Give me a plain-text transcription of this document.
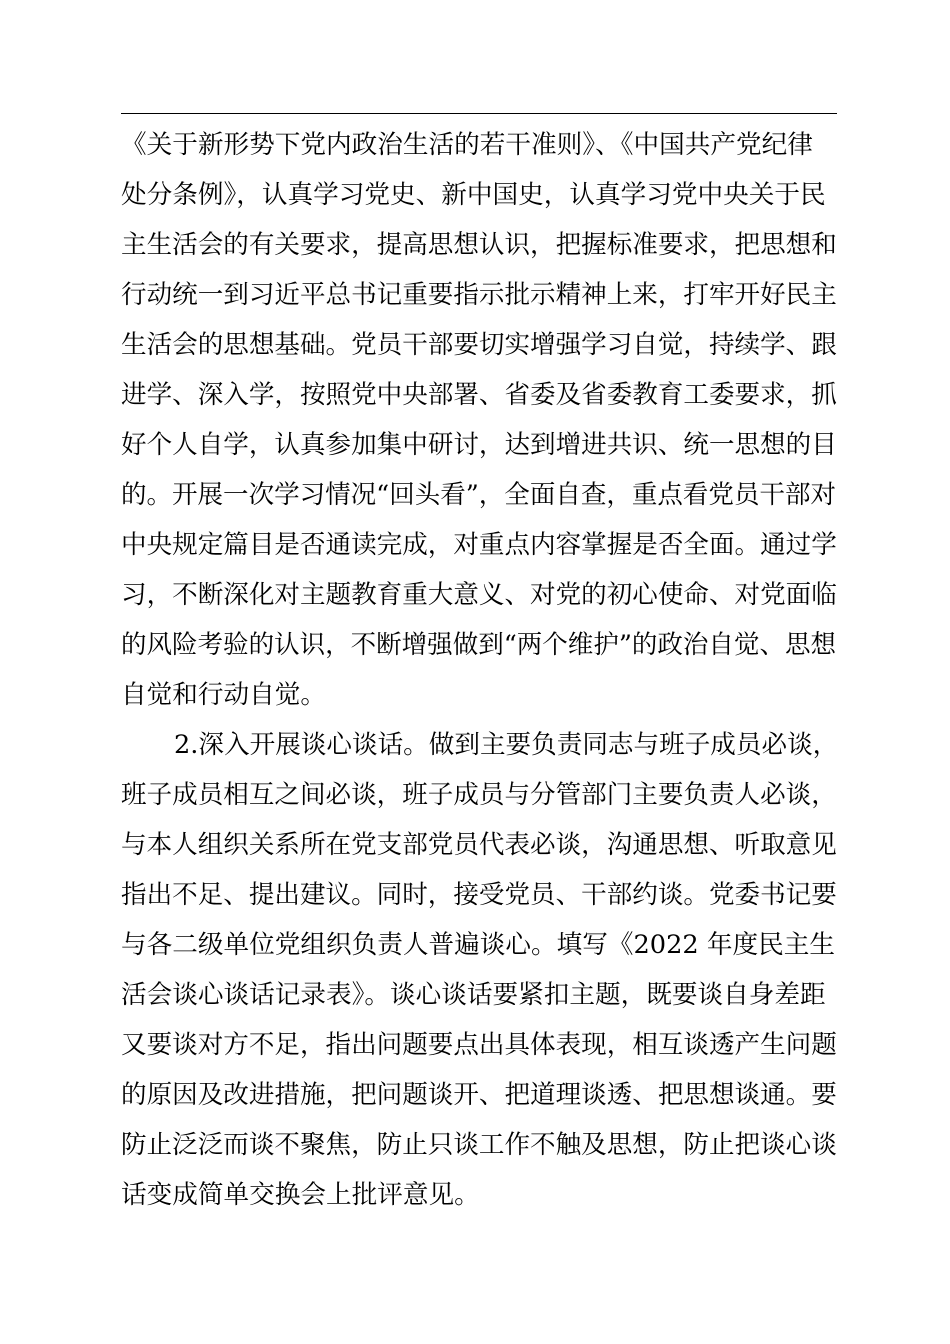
《关于新形势下党内政治生活的若干准则》、《中国共产党纪律
处分条例》，认真学习党史、新中国史，认真学习党中央关于民
主生活会的有关要求，提高思想认识，把握标准要求，把思想和
行动统一到习近平总书记重要指示批示精神上来，打牢开好民主
生活会的思想基础。党员干部要切实增强学习自觉，持续学、跟
进学、深入学，按照党中央部署、省委及省委教育工委要求，抓
好个人自学，认真参加集中研讨，达到增进共识、统一思想的目
的。开展一次学习情况“回头看”，全面自查，重点看党员干部对
中央规定篇目是否通读完成，对重点内容掌握是否全面。通过学
习，不断深化对主题教育重大意义、对党的初心使命、对党面临
的风险考验的认识，不断增强做到“两个维护”的政治自觉、思想
自觉和行动自觉。
2.深入开展谈心谈话。做到主要负责同志与班子成员必谈，
班子成员相互之间必谈，班子成员与分管部门主要负责人必谈，
与本人组织关系所在党支部党员代表必谈，沟通思想、听取意见
指出不足、提出建议。同时，接受党员、干部约谈。党委书记要
与各二级单位党组织负责人普遍谈心。填写《2022 年度民主生
活会谈心谈话记录表》。谈心谈话要紧扣主题，既要谈自身差距
又要谈对方不足，指出问题要点出具体表现，相互谈透产生问题
的原因及改进措施，把问题谈开、把道理谈透、把思想谈通。要
防止泛泛而谈不聚焦，防止只谈工作不触及思想，防止把谈心谈
话变成简单交换会上批评意见。
